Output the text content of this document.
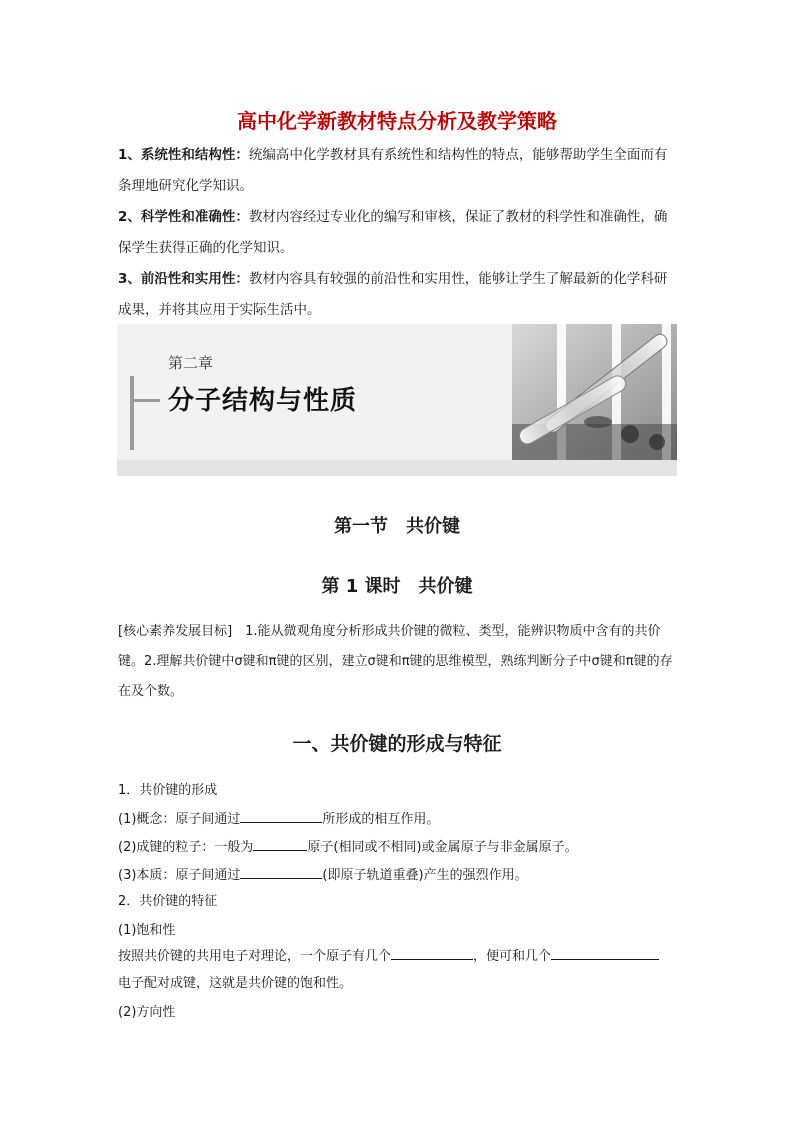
高中化学新教材特点分析及教学策略
1、系统性和结构性：统编高中化学教材具有系统性和结构性的特点，能够帮助学生全面而有条理地研究化学知识。
2、科学性和准确性：教材内容经过专业化的编写和审核，保证了教材的科学性和准确性，确保学生获得正确的化学知识。
3、前沿性和实用性：教材内容具有较强的前沿性和实用性，能够让学生了解最新的化学科研成果，并将其应用于实际生活中。
第二章
分子结构与性质
第一节　共价键
第 1 课时　共价键
[核心素养发展目标]　1.能从微观角度分析形成共价键的微粒、类型，能辨识物质中含有的共价键。2.理解共价键中σ键和π键的区别，建立σ键和π键的思维模型，熟练判断分子中σ键和π键的存在及个数。
一、共价键的形成与特征
1．共价键的形成
(1)概念：原子间通过	所形成的相互作用。
(2)成键的粒子：一般为	原子(相同或不相同)或金属原子与非金属原子。
(3)本质：原子间通过	(即原子轨道重叠)产生的强烈作用。
2．共价键的特征
(1)饱和性
按照共价键的共用电子对理论，一个原子有几个	，便可和几个
电子配对成键，这就是共价键的饱和性。
(2)方向性
